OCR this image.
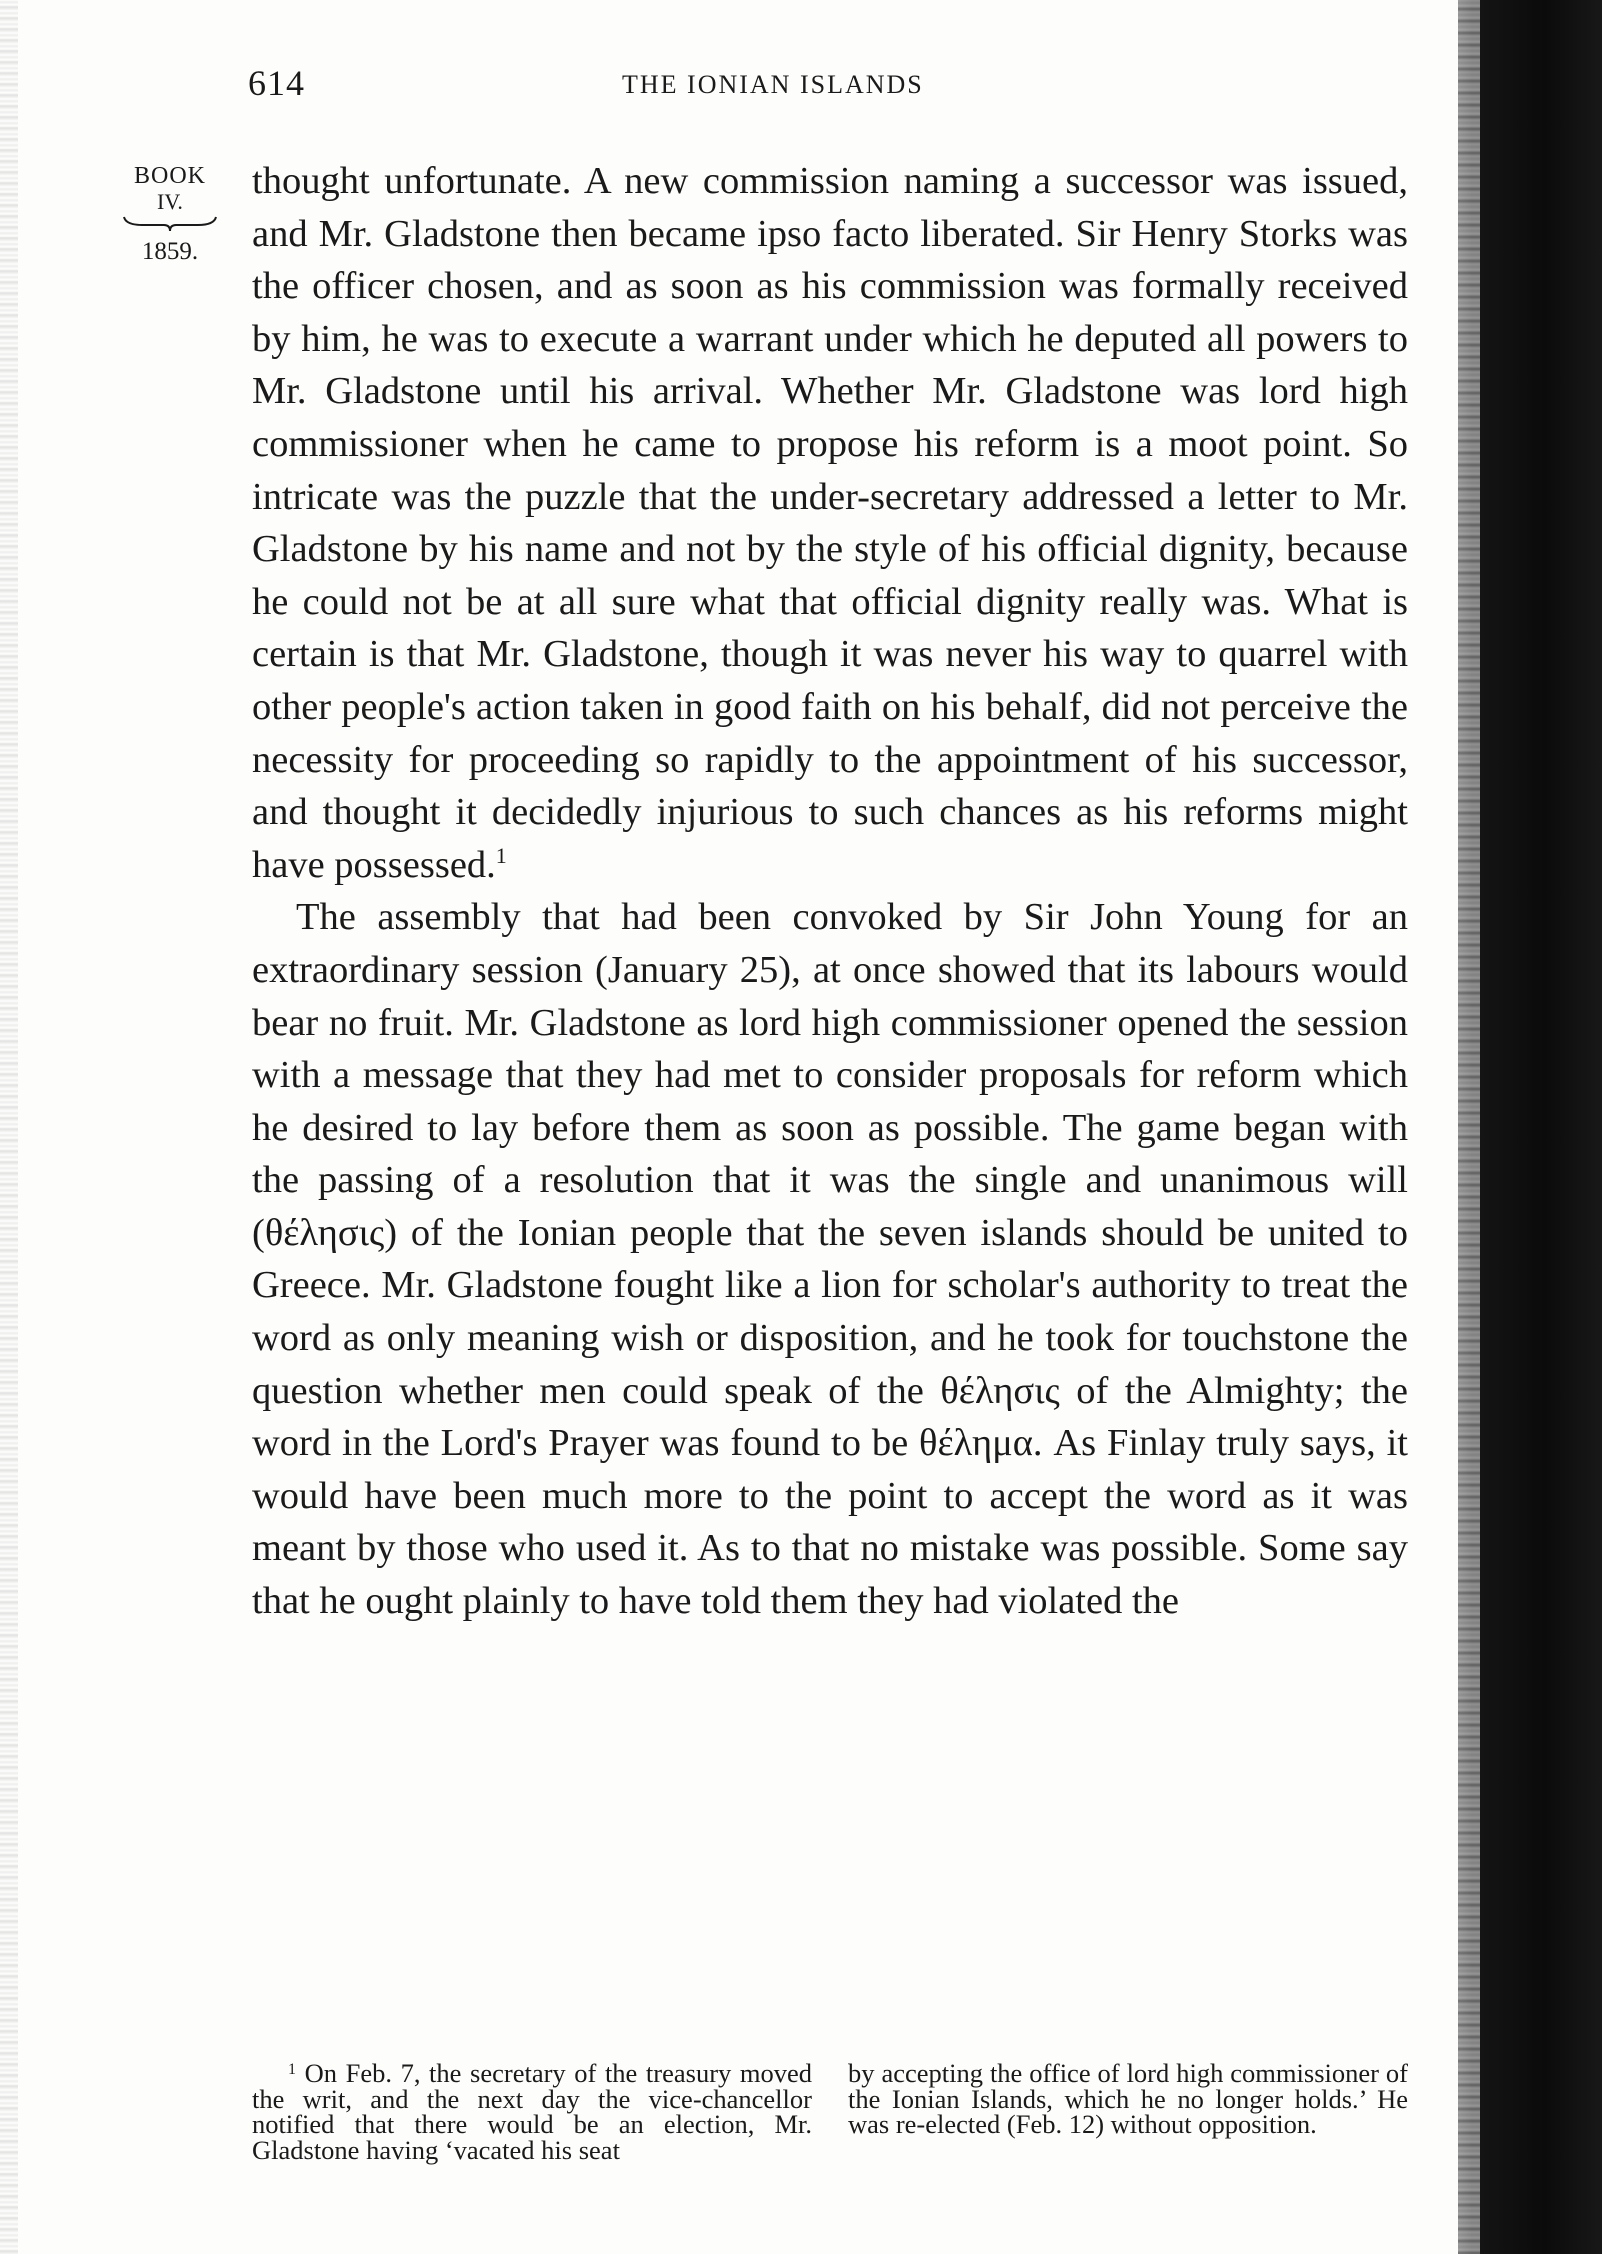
614	THE IONIAN ISLANDS
BOOK
IV.
1859.

thought unfortunate. A new commission naming a successor was issued, and Mr. Gladstone then became ipso facto liberated. Sir Henry Storks was the officer chosen, and as soon as his commission was formally received by him, he was to execute a warrant under which he deputed all powers to Mr. Gladstone until his arrival. Whether Mr. Gladstone was lord high commissioner when he came to propose his reform is a moot point. So intricate was the puzzle that the under-secretary addressed a letter to Mr. Gladstone by his name and not by the style of his official dignity, because he could not be at all sure what that official dignity really was. What is certain is that Mr. Gladstone, though it was never his way to quarrel with other people's action taken in good faith on his behalf, did not perceive the necessity for proceeding so rapidly to the appointment of his successor, and thought it decidedly injurious to such chances as his reforms might have possessed.$^1$

The assembly that had been convoked by Sir John Young for an extraordinary session (January 25), at once showed that its labours would bear no fruit. Mr. Gladstone as lord high commissioner opened the session with a message that they had met to consider proposals for reform which he desired to lay before them as soon as possible. The game began with the passing of a resolution that it was the single and unanimous will (θέλησις) of the Ionian people that the seven islands should be united to Greece. Mr. Gladstone fought like a lion for scholar's authority to treat the word as only meaning wish or disposition, and he took for touchstone the question whether men could speak of the θέλησις of the Almighty; the word in the Lord's Prayer was found to be θέλημα. As Finlay truly says, it would have been much more to the point to accept the word as it was meant by those who used it. As to that no mistake was possible. Some say that he ought plainly to have told them they had violated the

$^1$ On Feb. 7, the secretary of the treasury moved the writ, and the next day the vice-chancellor notified that there would be an election, Mr. Gladstone having ‘vacated his seat
by accepting the office of lord high commissioner of the Ionian Islands, which he no longer holds.’ He was re-elected (Feb. 12) without opposition.
